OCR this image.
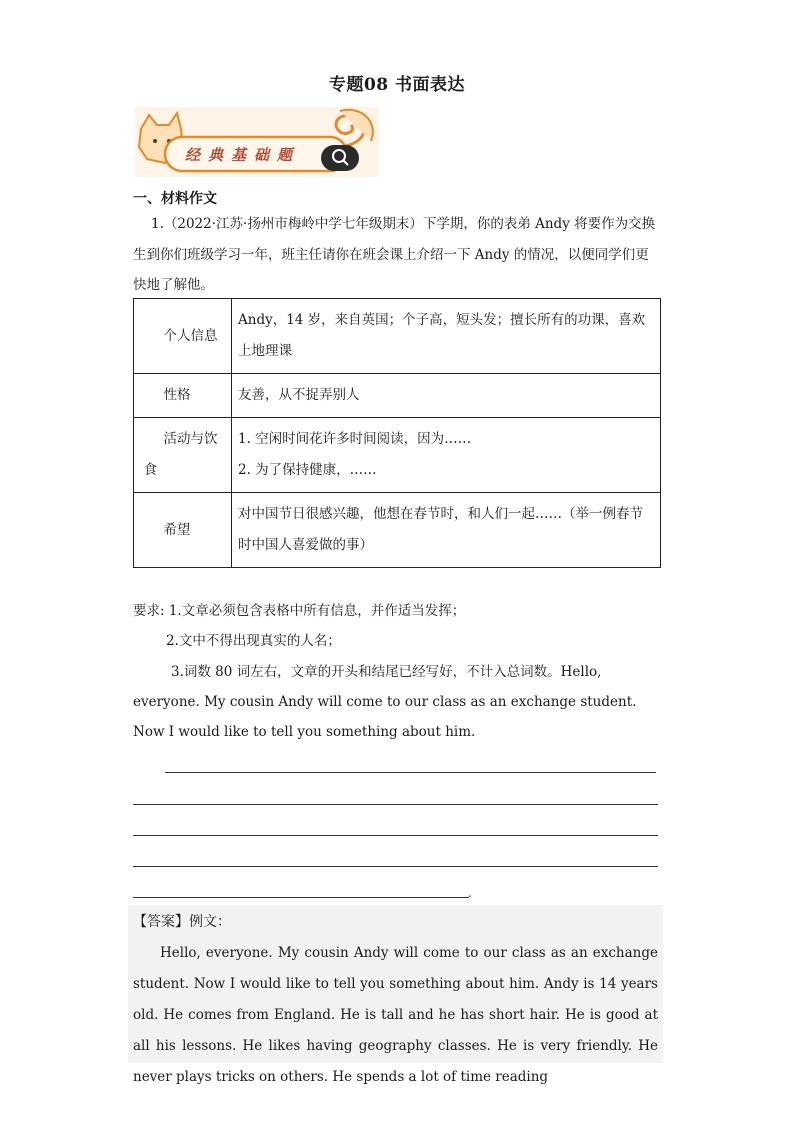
专题08 书面表达
经典基础题
一、材料作文
1.（2022·江苏·扬州市梅岭中学七年级期末）下学期，你的表弟 Andy 将要作为交换生到你们班级学习一年，班主任请你在班会课上介绍一下 Andy 的情况，以便同学们更快地了解他。
个人信息	Andy，14 岁，来自英国；个子高，短头发；擅长所有的功课，喜欢上地理课
性格	友善，从不捉弄别人
活动与饮食	1. 空闲时间花许多时间阅读，因为……
2. 为了保持健康，……

希望	对中国节日很感兴趣，他想在春节时，和人们一起……（举一例春节时中国人喜爱做的事）
要求: 1.文章必须包含表格中所有信息，并作适当发挥；
2.文中不得出现真实的人名；
3.词数 80 词左右，文章的开头和结尾已经写好，不计入总词数。Hello, everyone. My cousin Andy will come to our class as an exchange student. Now I would like to tell you something about him.
.
【答案】例文：
Hello, everyone. My cousin Andy will come to our class as an exchange student. Now I would like to tell you something about him. Andy is 14 years old. He comes from England. He is tall and he has short hair. He is good at all his lessons. He likes having geography classes. He is very friendly. He never plays tricks on others. He spends a lot of time reading
